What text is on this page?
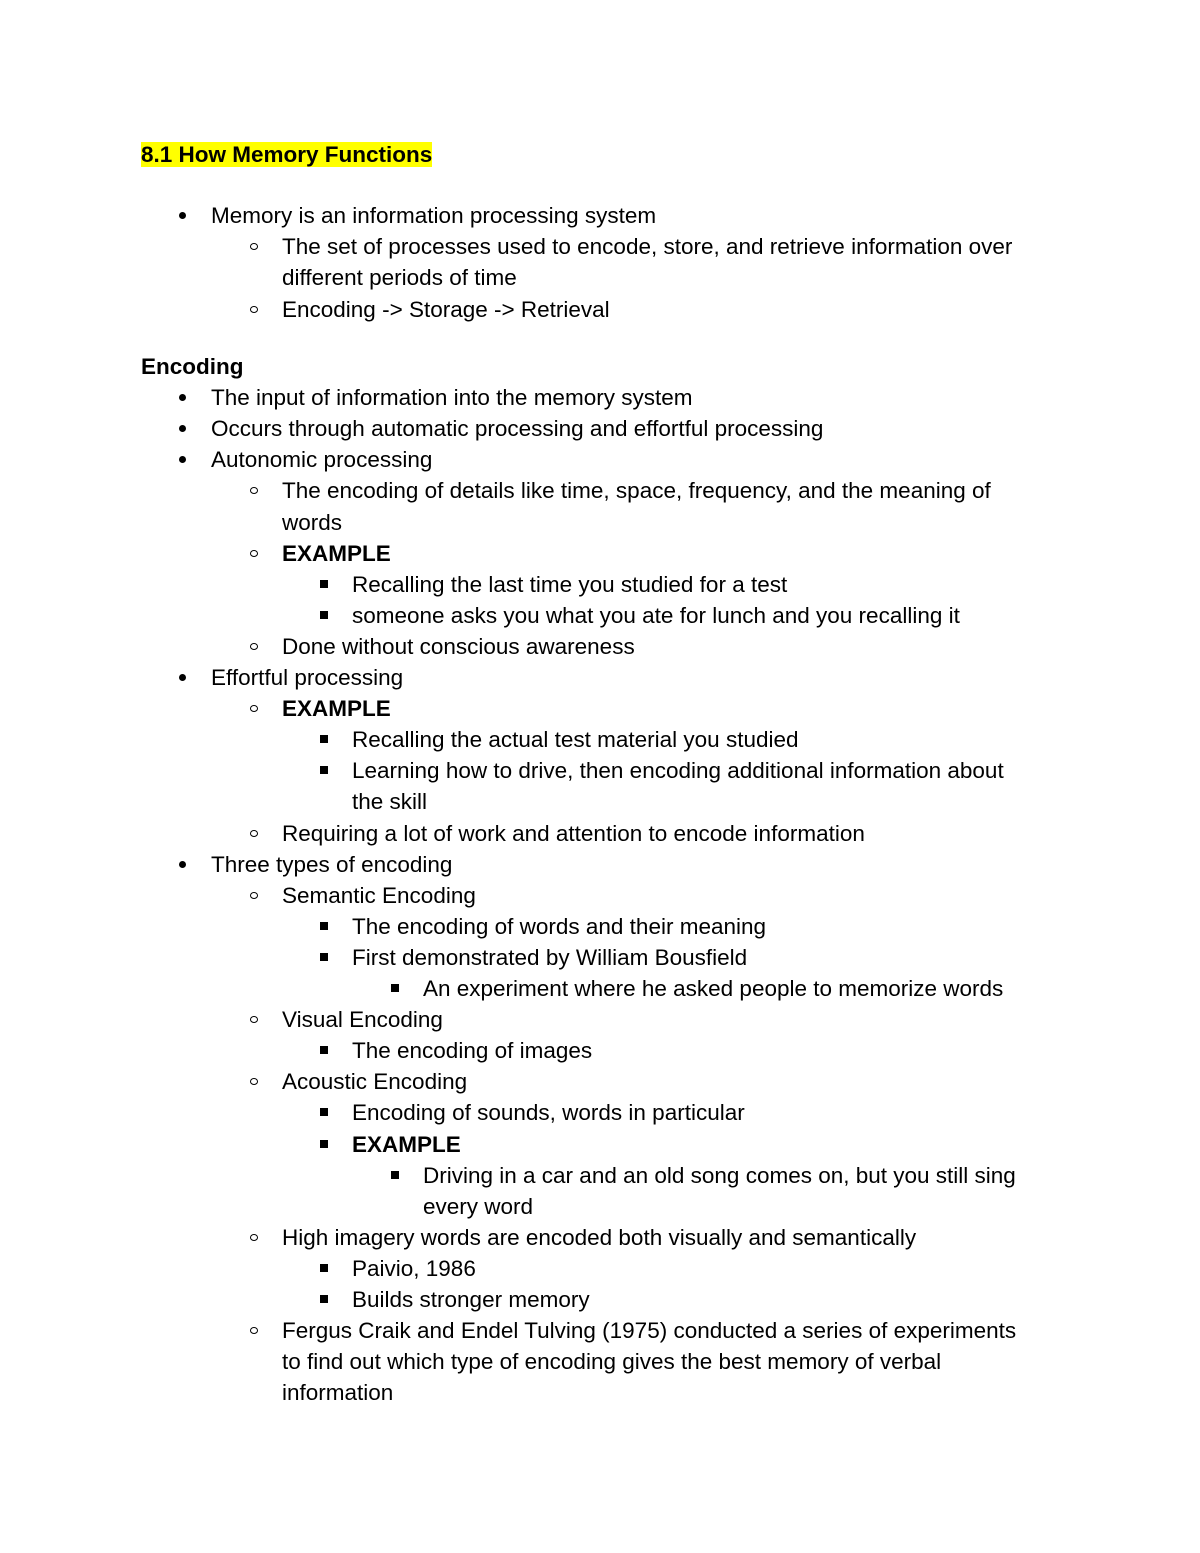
8.1 How Memory Functions
Memory is an information processing system
The set of processes used to encode, store, and retrieve information over
different periods of time
Encoding -> Storage -> Retrieval
Encoding
The input of information into the memory system
Occurs through automatic processing and effortful processing
Autonomic processing
The encoding of details like time, space, frequency, and the meaning of
words
EXAMPLE
Recalling the last time you studied for a test
someone asks you what you ate for lunch and you recalling it
Done without conscious awareness
Effortful processing
EXAMPLE
Recalling the actual test material you studied
Learning how to drive, then encoding additional information about
the skill
Requiring a lot of work and attention to encode information
Three types of encoding
Semantic Encoding
The encoding of words and their meaning
First demonstrated by William Bousfield
An experiment where he asked people to memorize words
Visual Encoding
The encoding of images
Acoustic Encoding
Encoding of sounds, words in particular
EXAMPLE
Driving in a car and an old song comes on, but you still sing
every word
High imagery words are encoded both visually and semantically
Paivio, 1986
Builds stronger memory
Fergus Craik and Endel Tulving (1975) conducted a series of experiments
to find out which type of encoding gives the best memory of verbal
information
